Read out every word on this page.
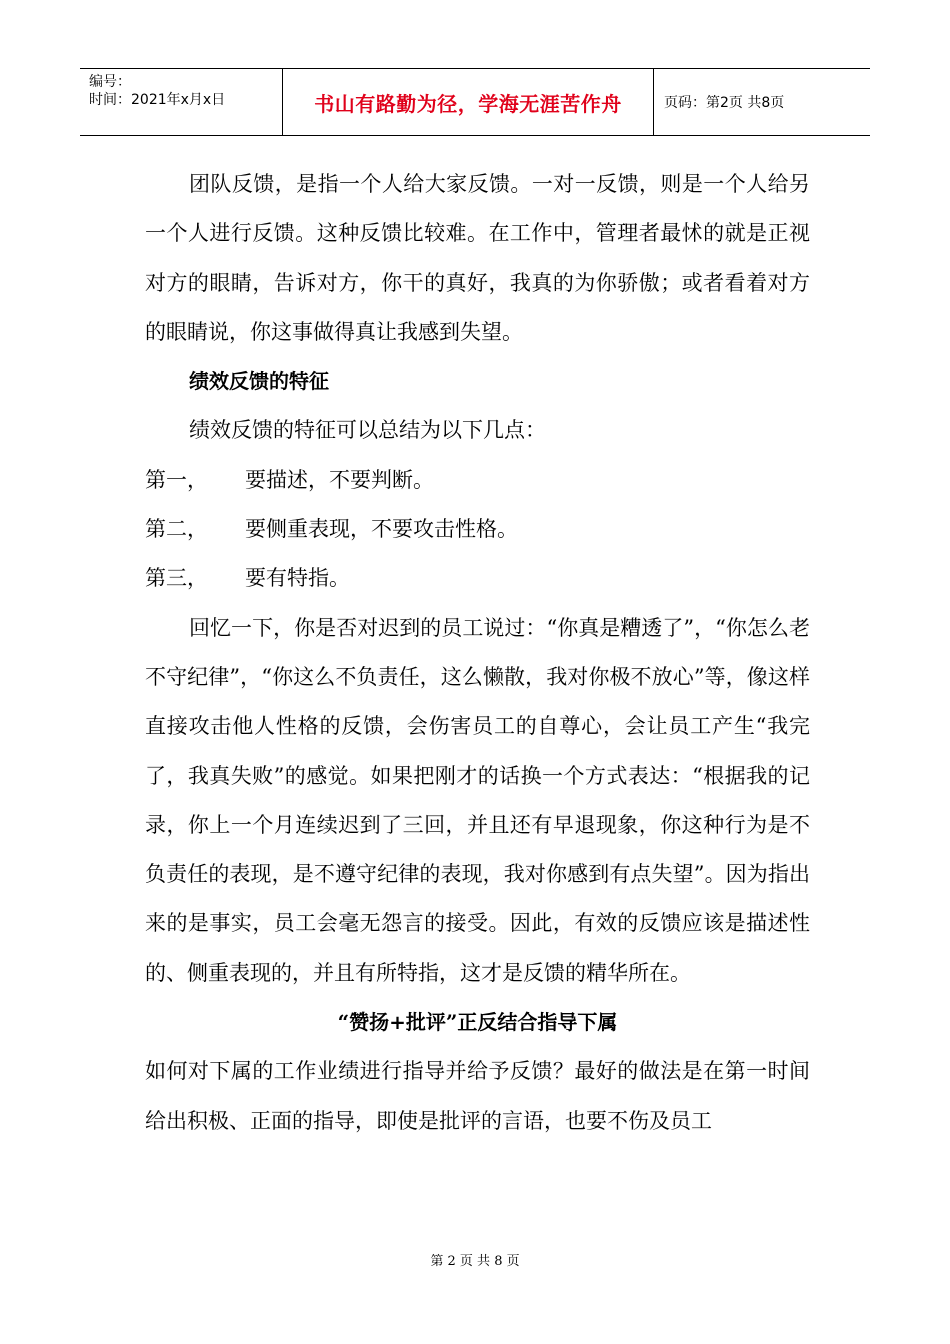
编号：
时间：2021年x月x日	书山有路勤为径，学海无涯苦作舟	页码：第2页 共8页

团队反馈，是指一个人给大家反馈。一对一反馈，则是一个人给另一个人进行反馈。这种反馈比较难。在工作中，管理者最怵的就是正视对方的眼睛，告诉对方，你干的真好，我真的为你骄傲；或者看着对方的眼睛说，你这事做得真让我感到失望。

绩效反馈的特征

绩效反馈的特征可以总结为以下几点：

第一，	要描述，不要判断。
第二，	要侧重表现，不要攻击性格。
第三，	要有特指。

回忆一下，你是否对迟到的员工说过：“你真是糟透了”，“你怎么老不守纪律”，“你这么不负责任，这么懒散，我对你极不放心”等，像这样直接攻击他人性格的反馈，会伤害员工的自尊心，会让员工产生“我完了，我真失败”的感觉。如果把刚才的话换一个方式表达：“根据我的记录，你上一个月连续迟到了三回，并且还有早退现象，你这种行为是不负责任的表现，是不遵守纪律的表现，我对你感到有点失望”。因为指出来的是事实，员工会毫无怨言的接受。因此，有效的反馈应该是描述性的、侧重表现的，并且有所特指，这才是反馈的精华所在。

“赞扬+批评”正反结合指导下属

如何对下属的工作业绩进行指导并给予反馈？最好的做法是在第一时间给出积极、正面的指导，即使是批评的言语，也要不伤及员工

第 2 页 共 8 页
